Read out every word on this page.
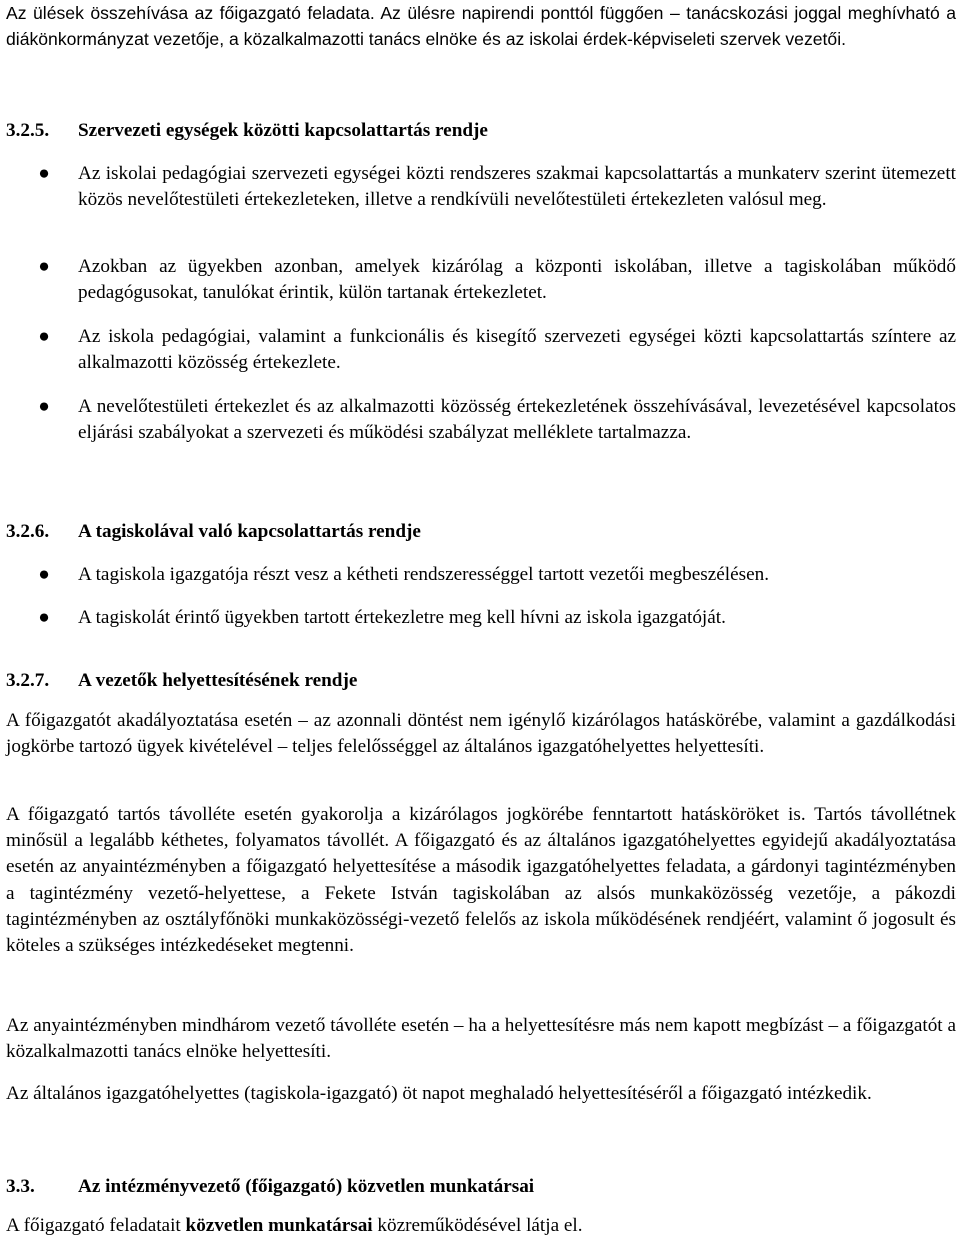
Az ülések összehívása az főigazgató feladata. Az ülésre napirendi ponttól függően – tanácskozási joggal meghívható a diákönkormányzat vezetője, a közalkalmazotti tanács elnöke és az iskolai érdek-képviseleti szervek vezetői.

3.2.5.	Szervezeti egységek közötti kapcsolattartás rendje
● Az iskolai pedagógiai szervezeti egységei közti rendszeres szakmai kapcsolattartás a munkaterv szerint ütemezett közös nevelőtestületi értekezleteken, illetve a rendkívüli nevelőtestületi értekezleten valósul meg.
● Azokban az ügyekben azonban, amelyek kizárólag a központi iskolában, illetve a tagiskolában működő pedagógusokat, tanulókat érintik, külön tartanak értekezletet.
● Az iskola pedagógiai, valamint a funkcionális és kisegítő szervezeti egységei közti kapcsolattartás színtere az alkalmazotti közösség értekezlete.
● A nevelőtestületi értekezlet és az alkalmazotti közösség értekezletének összehívásával, levezetésével kapcsolatos eljárási szabályokat a szervezeti és működési szabályzat melléklete tartalmazza.
3.2.6.	A tagiskolával való kapcsolattartás rendje
● A tagiskola igazgatója részt vesz a kétheti rendszerességgel tartott vezetői megbeszélésen.
● A tagiskolát érintő ügyekben tartott értekezletre meg kell hívni az iskola igazgatóját.
3.2.7.	A vezetők helyettesítésének rendje

A főigazgatót akadályoztatása esetén – az azonnali döntést nem igénylő kizárólagos hatáskörébe, valamint a gazdálkodási jogkörbe tartozó ügyek kivételével – teljes felelősséggel az általános igazgatóhelyettes helyettesíti.

A főigazgató tartós távolléte esetén gyakorolja a kizárólagos jogkörébe fenntartott hatásköröket is. Tartós távollétnek minősül a legalább kéthetes, folyamatos távollét. A főigazgató és az általános igazgatóhelyettes egyidejű akadályoztatása esetén az anyaintézményben a főigazgató helyettesítése a második igazgatóhelyettes feladata, a gárdonyi tagintézményben a tagintézmény vezető-helyettese, a Fekete István tagiskolában az alsós munkaközösség vezetője, a pákozdi tagintézményben az osztályfőnöki munkaközösségi-vezető felelős az iskola működésének rendjéért, valamint ő jogosult és köteles a szükséges intézkedéseket megtenni.

Az anyaintézményben mindhárom vezető távolléte esetén – ha a helyettesítésre más nem kapott megbízást – a főigazgatót a közalkalmazotti tanács elnöke helyettesíti.

Az általános igazgatóhelyettes (tagiskola-igazgató) öt napot meghaladó helyettesítéséről a főigazgató intézkedik.

3.3.	Az intézményvezető (főigazgató) közvetlen munkatársai

A főigazgató feladatait közvetlen munkatársai közreműködésével látja el.
